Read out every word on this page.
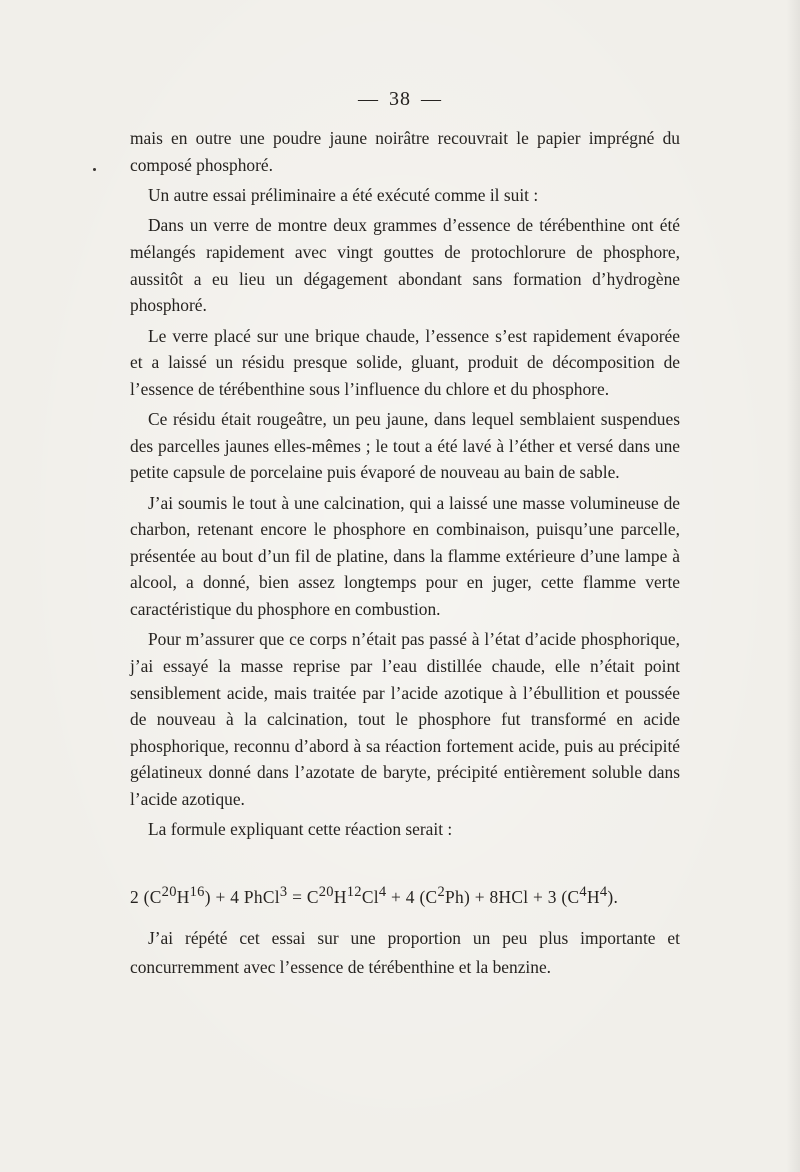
— 38 —

mais en outre une poudre jaune noirâtre recouvrait le papier imprégné du composé phosphoré.

Un autre essai préliminaire a été exécuté comme il suit :

Dans un verre de montre deux grammes d’essence de térébenthine ont été mélangés rapidement avec vingt gouttes de protochlorure de phosphore, aussitôt a eu lieu un dégagement abondant sans formation d’hydrogène phosphoré.

Le verre placé sur une brique chaude, l’essence s’est rapidement évaporée et a laissé un résidu presque solide, gluant, produit de décomposition de l’essence de térébenthine sous l’influence du chlore et du phosphore.

Ce résidu était rougeâtre, un peu jaune, dans lequel semblaient suspendues des parcelles jaunes elles-mêmes ; le tout a été lavé à l’éther et versé dans une petite capsule de porcelaine puis évaporé de nouveau au bain de sable.

J’ai soumis le tout à une calcination, qui a laissé une masse volumineuse de charbon, retenant encore le phosphore en combinaison, puisqu’une parcelle, présentée au bout d’un fil de platine, dans la flamme extérieure d’une lampe à alcool, a donné, bien assez longtemps pour en juger, cette flamme verte caractéristique du phosphore en combustion.

Pour m’assurer que ce corps n’était pas passé à l’état d’acide phosphorique, j’ai essayé la masse reprise par l’eau distillée chaude, elle n’était point sensiblement acide, mais traitée par l’acide azotique à l’ébullition et poussée de nouveau à la calcination, tout le phosphore fut transformé en acide phosphorique, reconnu d’abord à sa réaction fortement acide, puis au précipité gélatineux donné dans l’azotate de baryte, précipité entièrement soluble dans l’acide azotique.

La formule expliquant cette réaction serait :

2 $(C^{20}H^{16}) + 4$ PhCl$^3$ = $C^{20}H^{12}Cl^4 + 4$ $(C^2Ph) + 8HCl + 3$ $(C^4H^4)$.

J’ai répété cet essai sur une proportion un peu plus importante et concurremment avec l’essence de térébenthine et la benzine.
